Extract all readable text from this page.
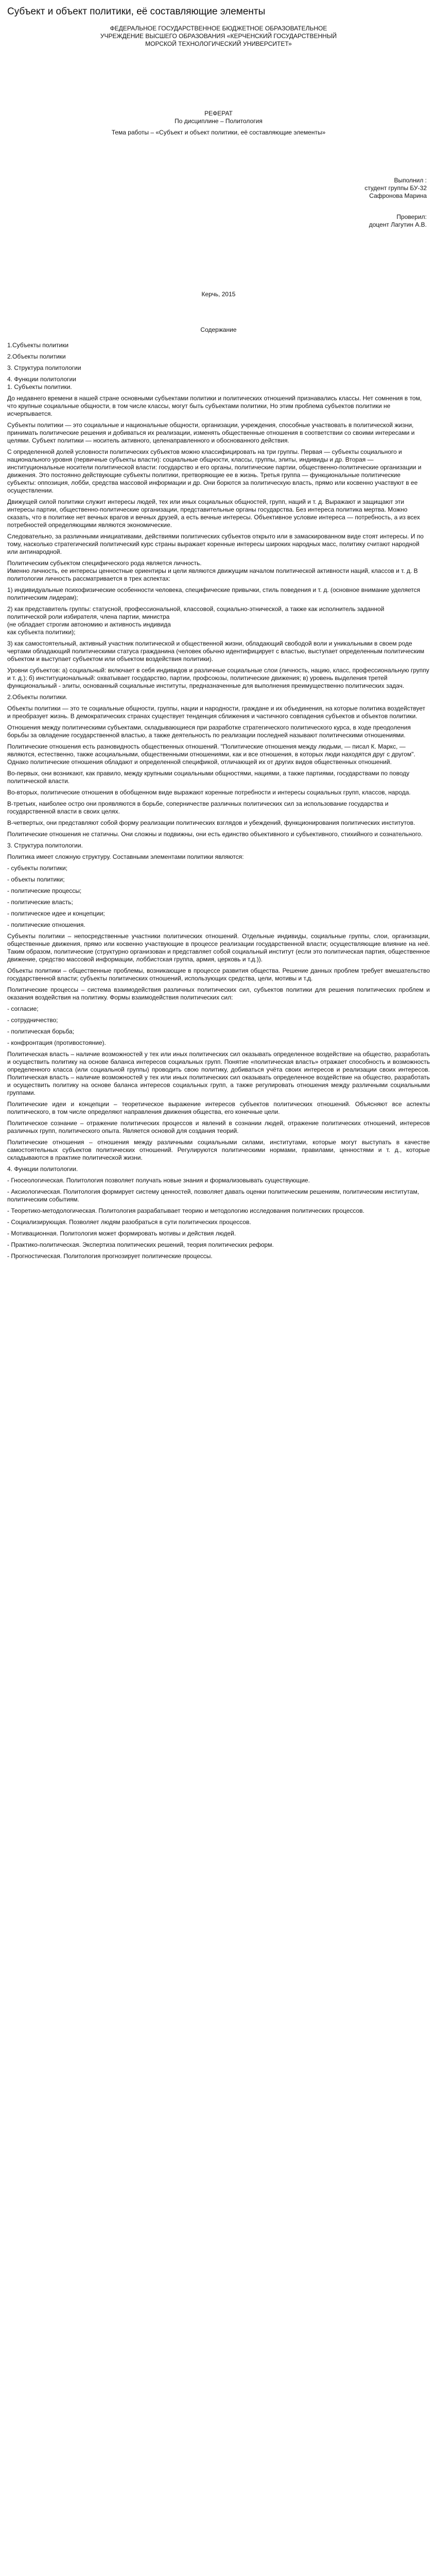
Субъект и объект политики, её составляющие элементы

ФЕДЕРАЛЬНОЕ ГОСУДАРСТВЕННОЕ БЮДЖЕТНОЕ ОБРАЗОВАТЕЛЬНОЕ

УЧРЕЖДЕНИЕ ВЫСШЕГО ОБРАЗОВАНИЯ «КЕРЧЕНСКИЙ ГОСУДАРСТВЕННЫЙ

МОРСКОЙ ТЕХНОЛОГИЧЕСКИЙ УНИВЕРСИТЕТ»

РЕФЕРАТ

По дисциплине – Политология

Тема работы – «Субъект и объект политики, её составляющие элементы»

Выполнил :

студент группы БУ-32

Сафронова Марина

Проверил:

доцент Лагутин А.В.

Керчь, 2015

Содержание

1.Субъекты политики

2.Объекты политики

3. Структура политологии

4. Функции политологии

1. Субъекты политики.

До недавнего времени в нашей стране основными субъектами политики и политических отношений признавались классы. Нет сомнения в том, что крупные социальные общности, в том числе классы, могут быть субъектами политики, Но этим проблема субъектов политики не исчерпывается.

Субъекты политики — это социальные и национальные общности, организации, учреждения, способные участвовать в политической жизни, принимать политические решения и добиваться их реализации, изменять общественные отношения в соответствии со своими интересами и целями. Субъект политики — носитель активного, целенаправленного и обоснованного действия.

С определенной долей условности политических субъектов можно классифицировать на три группы. Первая — субъекты социального и национального уровня (первичные субъекты власти): социальные общности, классы, группы, элиты, индивиды и др. Вторая — институциональные носители политической власти: государство и его органы, политические партии, общественно-политические организации и движения. Это постоянно действующие субъекты политики, претворяющие ее в жизнь. Третья группа — функциональные политические субъекты: оппозиция, лобби, средства массовой информации и др. Они борются за политическую власть, прямо или косвенно участвуют в ее осуществлении.

Движущей силой политики служит интересы людей, тех или иных социальных общностей, групп, наций и т. д. Выражают и защищают эти интересы партии, общественно-политические организации, представительные органы государства. Без интереса политика мертва. Можно сказать, что в политике нет вечных врагов и вечных друзей, а есть вечные интересы. Объективное условие интереса — потребность, а из всех потребностей определяющими являются экономические.

Следовательно, за различными инициативами, действиями политических субъектов открыто или в замаскированном виде стоят интересы. И по тому, насколько стратегический политический курс страны выражает коренные интересы широких народных масс, политику считают народной или антинародной.

Политическим субъектом специфического рода является личность.
Именно личность, ее интересы ценностные ориентиры и цели являются движущим началом политической активности наций, классов и т. д. В политологии личность рассматривается в трех аспектах:

1) индивидуальные психофизические особенности человека, специфические привычки, стиль поведения и т. д. (основное внимание уделяется политическим лидерам);

2) как представитель группы: статусной, профессиональной, классовой, социально-этнической, а также как исполнитель заданной
политической роли избирателя, члена партии, министра
(не обладает строгим автономию и активность индивида
как субъекта политики);

3) как самостоятельный, активный участник политической и общественной жизни, обладающий свободой воли и уникальными в своем роде
чертами обладающий политическими статуса гражданина (человек обычно идентифицирует с властью, выступает определенным политическим объектом и выступает субъектом или объектом воздействия политики).

Уровни субъектов: а) социальный: включает в себя индивидов и различные социальные слои (личность, нацию, класс, профессиональную группу и т. д.); б) институциональный: охватывает государство, партии, профсоюзы, политические движения; в) уровень выделения третей функциональный - элиты, основанный социальные институты, предназначенные для выполнения преимущественно политических задач.

2.Объекты политики.

Объекты политики — это те социальные общности, группы, нации и народности, граждане и их объединения, на которые политика воздействует и преобразует жизнь. В демократических странах существует тенденция сближения и частичного совпадения субъектов и объектов политики.

Отношения между политическими субъектами, складывающиеся при разработке стратегического политического курса, в ходе преодоления борьбы за овладение государственной властью, а также деятельность по реализации последней называют политическими отношениями.

Политические отношения есть разновидность общественных отношений. "Политические отношения между людьми, — писал К. Маркс, — являются, естественно, также асоциальными, общественными отношениями, как и все отношения, в которых люди находятся друг с другом". Однако политические отношения обладают и определенной спецификой, отличающей их от других видов общественных отношений.

Во-первых, они возникают, как правило, между крупными социальными общностями, нациями, а также партиями, государствами по поводу политической власти.

Во-вторых, политические отношения в обобщенном виде выражают коренные потребности и интересы социальных групп, классов, народа.

В-третьих, наиболее остро они проявляются в борьбе, соперничестве различных политических сил за использование государства и государственной власти в своих целях.

В-четвертых, они представляют собой форму реализации политических взглядов и убеждений, функционирования политических институтов.

Политические отношения не статичны. Они сложны и подвижны, они есть единство объективного и субъективного, стихийного и сознательного.

3. Структура политологии.

Политика имеет сложную структуру. Составными элементами политики являются:

- субъекты политики;

- объекты политики;

- политические процессы;

- политические власть;

- политическое идее и концепции;

- политические отношения.

Субъекты политики – непосредственные участники политических отношений. Отдельные индивиды, социальные группы, слои, организации, общественные движения, прямо или косвенно участвующие в процессе реализации государственной власти; осуществляющие влияние на неё. Таким образом, политические (структурно организован и представляет собой социальный институт (если это политическая партия, общественное движение, средство массовой информации, лоббистская группа, армия, церковь и т.д.)).

Объекты политики – общественные проблемы, возникающие в процессе развития общества. Решение данных проблем требует вмешательство государственной власти; субъекты политических отношений, использующих средства, цели, мотивы и т.д.

Политические процессы – система взаимодействия различных политических сил, субъектов политики для решения политических проблем и оказания воздействия на политику. Формы взаимодействия политических сил:

- согласие;

- сотрудничество;

- политическая борьба;

- конфронтация (противостояние).

Политическая власть – наличие возможностей у тех или иных политических сил оказывать определенное воздействие на общество, разработать и осуществить политику на основе баланса интересов социальных групп. Понятие «политическая власть» отражает способность и возможность определенного класса (или социальной группы) проводить свою политику, добиваться учёта своих интересов и реализации своих интересов. Политическая власть – наличие возможностей у тех или иных политических сил оказывать определенное воздействие на общество, разработать и осуществить политику на основе баланса интересов социальных групп, а также регулировать отношения между различными социальными группами.

Политические идеи и концепции – теоретическое выражение интересов субъектов политических отношений. Объясняют все аспекты политического, в том числе определяют направления движения общества, его конечные цели.

Политическое сознание – отражение политических процессов и явлений в сознании людей, отражение политических отношений, интересов различных групп, политического опыта. Является основой для создания теорий.

Политические отношения – отношения между различными социальными силами, институтами, которые могут выступать в качестве самостоятельных субъектов политических отношений. Регулируются политическими нормами, правилами, ценностями и т. д., которые складываются в практике политической жизни.

4. Функции политологии.

- Гносеологическая. Политология позволяет получать новые знания и формализовывать существующие.

- Аксиологическая. Политология формирует систему ценностей, позволяет давать оценки политическим решениям, политическим институтам, политическим событиям.

- Теоретико-методологическая. Политология разрабатывает теорию и методологию исследования политических процессов.

- Социализирующая. Позволяет людям разобраться в сути политических процессов.

- Мотивационная. Политология может формировать мотивы и действия людей.

- Практико-политическая. Экспертиза политических решений, теория политических реформ.

- Прогностическая. Политология прогнозирует политические процессы.
